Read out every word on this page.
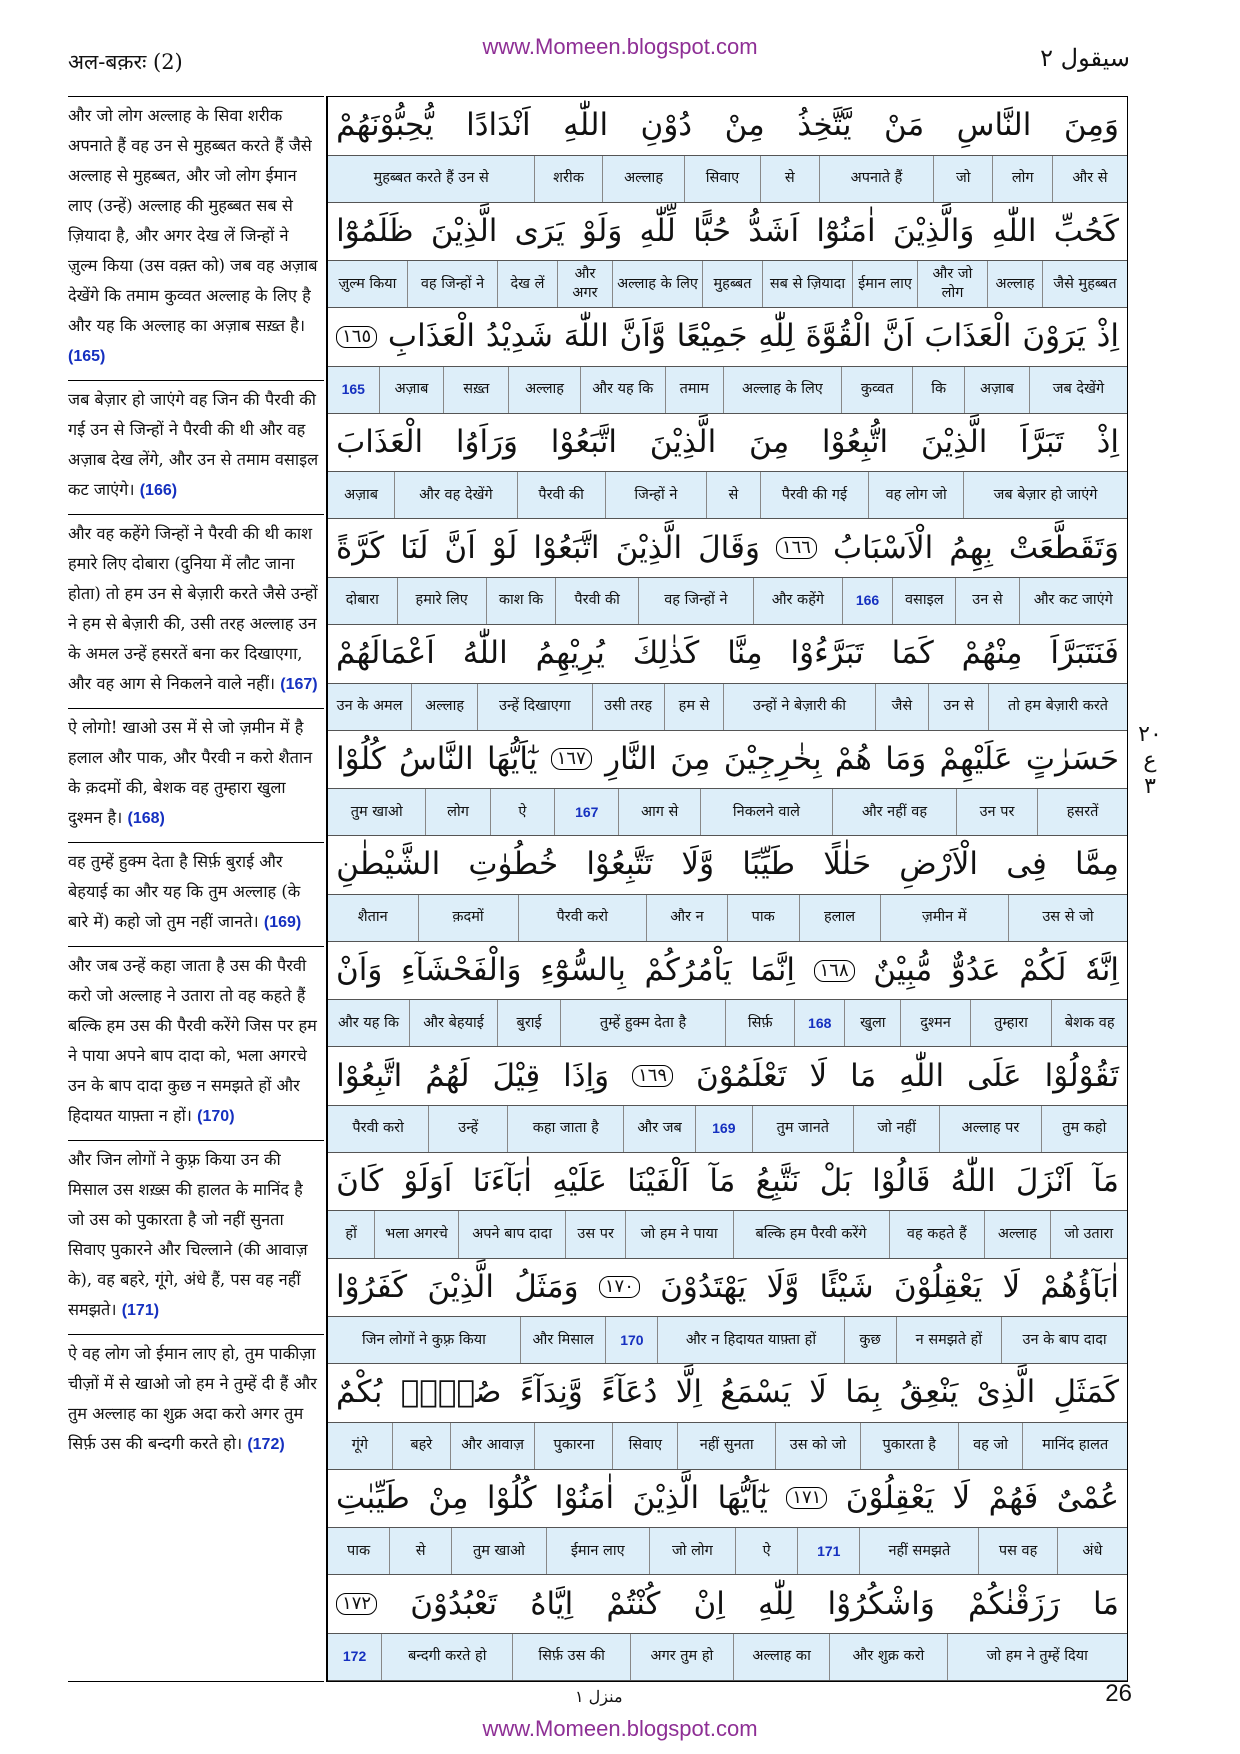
अल-बक़रः (2)
www.Momeen.blogspot.com	سیقول ۲
۲۰
ع
۳
और जो लोग अल्लाह के सिवा शरीक अपनाते हैं वह उन से मुहब्बत करते हैं जैसे अल्लाह से मुहब्बत, और जो लोग ईमान लाए (उन्हें) अल्लाह की मुहब्बत सब से ज़ियादा है, और अगर देख लें जिन्हों ने ज़ुल्म किया (उस वक़्त को) जब वह अज़ाब देखेंगे कि तमाम कुव्वत अल्लाह के लिए है और यह कि अल्लाह का अज़ाब सख़्त है। (165)
जब बेज़ार हो जाएंगे वह जिन की पैरवी की गई उन से जिन्हों ने पैरवी की थी और वह अज़ाब देख लेंगे, और उन से तमाम वसाइल कट जाएंगे। (166)
और वह कहेंगे जिन्हों ने पैरवी की थी काश हमारे लिए दोबारा (दुनिया में लौट जाना होता) तो हम उन से बेज़ारी करते जैसे उन्हों ने हम से बेज़ारी की, उसी तरह अल्लाह उन के अमल उन्हें हसरतें बना कर दिखाएगा, और वह आग से निकलने वाले नहीं। (167)
ऐ लोगो! खाओ उस में से जो ज़मीन में है हलाल और पाक, और पैरवी न करो शैतान के क़दमों की, बेशक वह तुम्हारा खुला दुश्मन है। (168)
वह तुम्हें हुक्म देता है सिर्फ़ बुराई और बेहयाई का और यह कि तुम अल्लाह (के बारे में) कहो जो तुम नहीं जानते। (169)
और जब उन्हें कहा जाता है उस की पैरवी करो जो अल्लाह ने उतारा तो वह कहते हैं बल्कि हम उस की पैरवी करेंगे जिस पर हम ने पाया अपने बाप दादा को, भला अगरचे उन के बाप दादा कुछ न समझते हों और हिदायत याफ़्ता न हों। (170)
और जिन लोगों ने कुफ़्र किया उन की मिसाल उस शख़्स की हालत के मानिंद है जो उस को पुकारता है जो नहीं सुनता सिवाए पुकारने और चिल्लाने (की आवाज़ के), वह बहरे, गूंगे, अंधे हैं, पस वह नहीं समझते। (171)
ऐ वह लोग जो ईमान लाए हो, तुम पाकीज़ा चीज़ों में से खाओ जो हम ने तुम्हें दी हैं और तुम अल्लाह का शुक्र अदा करो अगर तुम सिर्फ़ उस की बन्दगी करते हो। (172)
وَمِنَ
النَّاسِ
مَنْ
يَّتَّخِذُ
مِنْ
دُوْنِ
اللّٰهِ
اَنْدَادًا
يُّحِبُّوْنَهُمْ
और से
लोग
जो
अपनाते हैं
से
सिवाए
अल्लाह
शरीक
मुहब्बत करते हैं उन से
كَحُبِّ
اللّٰهِ
وَالَّذِيْنَ
اٰمَنُوْٓا
اَشَدُّ
حُبًّا
لِّلّٰهِ
وَلَوْ
يَرَى
الَّذِيْنَ
ظَلَمُوْٓا
जैसे मुहब्बत
अल्लाह
और जो लोग
ईमान लाए
सब से ज़ियादा
मुहब्बत
अल्लाह के लिए
और अगर
देख लें
वह जिन्हों ने
ज़ुल्म किया
اِذْ
يَرَوْنَ
الْعَذَابَ
اَنَّ
الْقُوَّةَ
لِلّٰهِ
جَمِيْعًا
وَّاَنَّ
اللّٰهَ
شَدِيْدُ
الْعَذَابِ
١٦٥
जब देखेंगे
अज़ाब
कि
कुव्वत
अल्लाह के लिए
तमाम
और यह कि
अल्लाह
सख़्त
अज़ाब
165
اِذْ
تَبَرَّاَ
الَّذِيْنَ
اتُّبِعُوْا
مِنَ
الَّذِيْنَ
اتَّبَعُوْا
وَرَاَوُا
الْعَذَابَ
जब बेज़ार हो जाएंगे
वह लोग जो
पैरवी की गई
से
जिन्हों ने
पैरवी की
और वह देखेंगे
अज़ाब
وَتَقَطَّعَتْ
بِهِمُ
الْاَسْبَابُ
١٦٦
وَقَالَ
الَّذِيْنَ
اتَّبَعُوْا
لَوْ
اَنَّ
لَنَا
كَرَّةً
और कट जाएंगे
उन से
वसाइल
166
और कहेंगे
वह जिन्हों ने
पैरवी की
काश कि
हमारे लिए
दोबारा
فَنَتَبَرَّاَ
مِنْهُمْ
كَمَا
تَبَرَّءُوْا
مِنَّا
كَذٰلِكَ
يُرِيْهِمُ
اللّٰهُ
اَعْمَالَهُمْ
तो हम बेज़ारी करते
उन से
जैसे
उन्हों ने बेज़ारी की
हम से
उसी तरह
उन्हें दिखाएगा
अल्लाह
उन के अमल
حَسَرٰتٍ
عَلَيْهِمْ
وَمَا
هُمْ
بِخٰرِجِيْنَ
مِنَ
النَّارِ
١٦٧
يٰٓاَيُّهَا
النَّاسُ
كُلُوْا
हसरतें
उन पर
और नहीं वह
निकलने वाले
आग से
167
ऐ
लोग
तुम खाओ
مِمَّا
فِى
الْاَرْضِ
حَلٰلًا
طَيِّبًا
وَّلَا
تَتَّبِعُوْا
خُطُوٰتِ
الشَّيْطٰنِ
उस से जो
ज़मीन में
हलाल
पाक
और न
पैरवी करो
क़दमों
शैतान
اِنَّهٗ
لَكُمْ
عَدُوٌّ
مُّبِيْنٌ
١٦٨
اِنَّمَا
يَاْمُرُكُمْ
بِالسُّوْٓءِ
وَالْفَحْشَآءِ
وَاَنْ
बेशक वह
तुम्हारा
दुश्मन
खुला
168
सिर्फ़
तुम्हें हुक्म देता है
बुराई
और बेहयाई
और यह कि
تَقُوْلُوْا
عَلَى
اللّٰهِ
مَا
لَا
تَعْلَمُوْنَ
١٦٩
وَاِذَا
قِيْلَ
لَهُمُ
اتَّبِعُوْا
तुम कहो
अल्लाह पर
जो नहीं
तुम जानते
169
और जब
कहा जाता है
उन्हें
पैरवी करो
مَآ
اَنْزَلَ
اللّٰهُ
قَالُوْا
بَلْ
نَتَّبِعُ
مَآ
اَلْفَيْنَا
عَلَيْهِ
اٰبَآءَنَا
اَوَلَوْ
كَانَ
जो उतारा
अल्लाह
वह कहते हैं
बल्कि हम पैरवी करेंगे
जो हम ने पाया
उस पर
अपने बाप दादा
भला अगरचे
हों
اٰبَآؤُهُمْ
لَا
يَعْقِلُوْنَ
شَيْئًا
وَّلَا
يَهْتَدُوْنَ
١٧٠
وَمَثَلُ
الَّذِيْنَ
كَفَرُوْا
उन के बाप दादा
न समझते हों
कुछ
और न हिदायत याफ़्ता हों
170
और मिसाल
जिन लोगों ने कुफ़्र किया
كَمَثَلِ
الَّذِىْ
يَنْعِقُ
بِمَا
لَا
يَسْمَعُ
اِلَّا
دُعَآءً
وَّنِدَآءً
صُمٌّۢ
بُكْمٌ
मानिंद हालत
वह जो
पुकारता है
उस को जो
नहीं सुनता
सिवाए
पुकारना
और आवाज़
बहरे
गूंगे
عُمْىٌ
فَهُمْ
لَا
يَعْقِلُوْنَ
١٧١
يٰٓاَيُّهَا
الَّذِيْنَ
اٰمَنُوْا
كُلُوْا
مِنْ
طَيِّبٰتِ
अंधे
पस वह
नहीं समझते
171
ऐ
जो लोग
ईमान लाए
तुम खाओ
से
पाक
مَا
رَزَقْنٰكُمْ
وَاشْكُرُوْا
لِلّٰهِ
اِنْ
كُنْتُمْ
اِيَّاهُ
تَعْبُدُوْنَ
١٧٢
जो हम ने तुम्हें दिया
और शुक्र करो
अल्लाह का
अगर तुम हो
सिर्फ़ उस की
बन्दगी करते हो
172
منزل ۱	26
www.Momeen.blogspot.com
